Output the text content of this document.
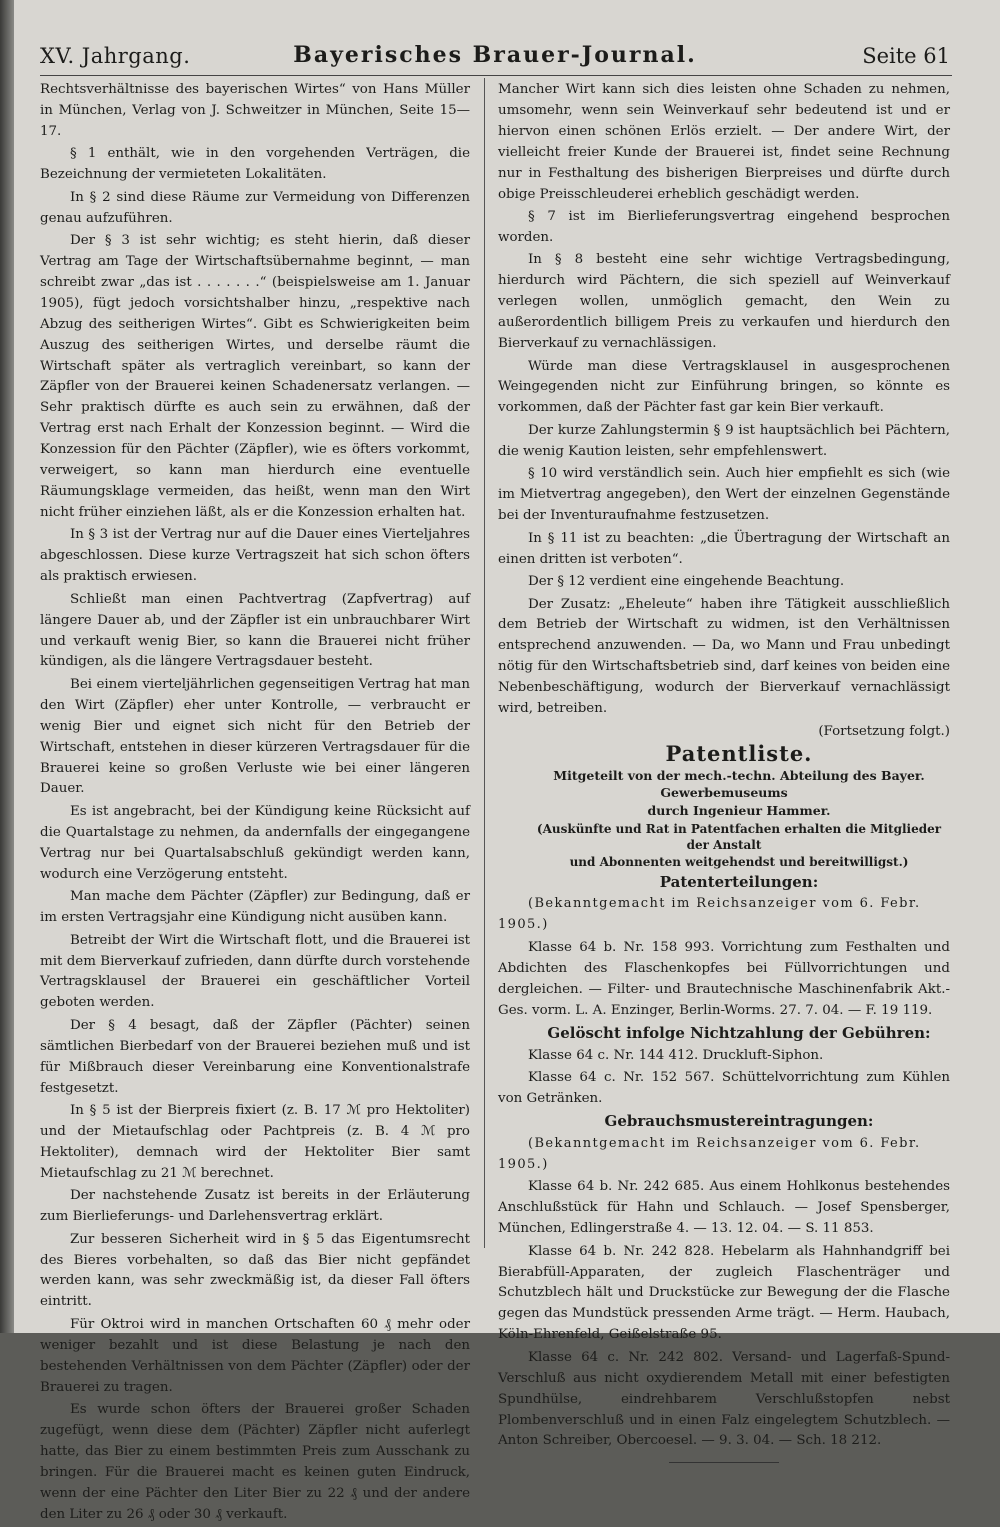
XV. Jahrgang.	Bayerisches Brauer-Journal.	Seite 61

Rechtsverhältnisse des bayerischen Wirtes“ von Hans Müller in München, Verlag von J. Schweitzer in München, Seite 15—17.

§ 1 enthält, wie in den vorgehenden Verträgen, die Bezeichnung der vermieteten Lokalitäten.

In § 2 sind diese Räume zur Vermeidung von Differenzen genau aufzuführen.

Der § 3 ist sehr wichtig; es steht hierin, daß dieser Vertrag am Tage der Wirtschaftsübernahme beginnt, — man schreibt zwar „das ist . . . . . . .“ (beispielsweise am 1. Januar 1905), fügt jedoch vorsichtshalber hinzu, „respektive nach Abzug des seitherigen Wirtes“. Gibt es Schwierigkeiten beim Auszug des seitherigen Wirtes, und derselbe räumt die Wirtschaft später als vertraglich vereinbart, so kann der Zäpfler von der Brauerei keinen Schadenersatz verlangen. — Sehr praktisch dürfte es auch sein zu erwähnen, daß der Vertrag erst nach Erhalt der Konzession beginnt. — Wird die Konzession für den Pächter (Zäpfler), wie es öfters vorkommt, verweigert, so kann man hierdurch eine eventuelle Räumungsklage vermeiden, das heißt, wenn man den Wirt nicht früher einziehen läßt, als er die Konzession erhalten hat.

In § 3 ist der Vertrag nur auf die Dauer eines Vierteljahres abgeschlossen. Diese kurze Vertragszeit hat sich schon öfters als praktisch erwiesen.

Schließt man einen Pachtvertrag (Zapfvertrag) auf längere Dauer ab, und der Zäpfler ist ein unbrauchbarer Wirt und verkauft wenig Bier, so kann die Brauerei nicht früher kündigen, als die längere Vertragsdauer besteht.

Bei einem vierteljährlichen gegenseitigen Vertrag hat man den Wirt (Zäpfler) eher unter Kontrolle, — verbraucht er wenig Bier und eignet sich nicht für den Betrieb der Wirtschaft, entstehen in dieser kürzeren Vertragsdauer für die Brauerei keine so großen Verluste wie bei einer längeren Dauer.

Es ist angebracht, bei der Kündigung keine Rücksicht auf die Quartalstage zu nehmen, da andernfalls der eingegangene Vertrag nur bei Quartalsabschluß gekündigt werden kann, wodurch eine Verzögerung entsteht.

Man mache dem Pächter (Zäpfler) zur Bedingung, daß er im ersten Vertragsjahr eine Kündigung nicht ausüben kann.

Betreibt der Wirt die Wirtschaft flott, und die Brauerei ist mit dem Bierverkauf zufrieden, dann dürfte durch vorstehende Vertragsklausel der Brauerei ein geschäftlicher Vorteil geboten werden.

Der § 4 besagt, daß der Zäpfler (Pächter) seinen sämtlichen Bierbedarf von der Brauerei beziehen muß und ist für Mißbrauch dieser Vereinbarung eine Konventionalstrafe festgesetzt.

In § 5 ist der Bierpreis fixiert (z. B. 17 ℳ pro Hektoliter) und der Mietaufschlag oder Pachtpreis (z. B. 4 ℳ pro Hektoliter), demnach wird der Hektoliter Bier samt Mietaufschlag zu 21 ℳ berechnet.

Der nachstehende Zusatz ist bereits in der Erläuterung zum Bierlieferungs- und Darlehensvertrag erklärt.

Zur besseren Sicherheit wird in § 5 das Eigentumsrecht des Bieres vorbehalten, so daß das Bier nicht gepfändet werden kann, was sehr zweckmäßig ist, da dieser Fall öfters eintritt.

Für Oktroi wird in manchen Ortschaften 60 ₰ mehr oder weniger bezahlt und ist diese Belastung je nach den bestehenden Verhältnissen von dem Pächter (Zäpfler) oder der Brauerei zu tragen.

Es wurde schon öfters der Brauerei großer Schaden zugefügt, wenn diese dem (Pächter) Zäpfler nicht auferlegt hatte, das Bier zu einem bestimmten Preis zum Ausschank zu bringen. Für die Brauerei macht es keinen guten Eindruck, wenn der eine Pächter den Liter Bier zu 22 ₰ und der andere den Liter zu 26 ₰ oder 30 ₰ verkauft.

Mancher Wirt kann sich dies leisten ohne Schaden zu nehmen, umsomehr, wenn sein Weinverkauf sehr bedeutend ist und er hiervon einen schönen Erlös erzielt. — Der andere Wirt, der vielleicht freier Kunde der Brauerei ist, findet seine Rechnung nur in Festhaltung des bisherigen Bierpreises und dürfte durch obige Preisschleuderei erheblich geschädigt werden.

§ 7 ist im Bierlieferungsvertrag eingehend besprochen worden.

In § 8 besteht eine sehr wichtige Vertragsbedingung, hierdurch wird Pächtern, die sich speziell auf Weinverkauf verlegen wollen, unmöglich gemacht, den Wein zu außerordentlich billigem Preis zu verkaufen und hierdurch den Bierverkauf zu vernachlässigen.

Würde man diese Vertragsklausel in ausgesprochenen Weingegenden nicht zur Einführung bringen, so könnte es vorkommen, daß der Pächter fast gar kein Bier verkauft.

Der kurze Zahlungstermin § 9 ist hauptsächlich bei Pächtern, die wenig Kaution leisten, sehr empfehlenswert.

§ 10 wird verständlich sein. Auch hier empfiehlt es sich (wie im Mietvertrag angegeben), den Wert der einzelnen Gegenstände bei der Inventuraufnahme festzusetzen.

In § 11 ist zu beachten: „die Übertragung der Wirtschaft an einen dritten ist verboten“.

Der § 12 verdient eine eingehende Beachtung.

Der Zusatz: „Eheleute“ haben ihre Tätigkeit ausschließlich dem Betrieb der Wirtschaft zu widmen, ist den Verhältnissen entsprechend anzuwenden. — Da, wo Mann und Frau unbedingt nötig für den Wirtschaftsbetrieb sind, darf keines von beiden eine Nebenbeschäftigung, wodurch der Bierverkauf vernachlässigt wird, betreiben.

(Fortsetzung folgt.)

Patentliste.

Mitgeteilt von der mech.-techn. Abteilung des Bayer. Gewerbemuseums

durch Ingenieur Hammer.

(Auskünfte und Rat in Patentfachen erhalten die Mitglieder der Anstalt

und Abonnenten weitgehendst und bereitwilligst.)

Patenterteilungen:

(Bekanntgemacht im Reichsanzeiger vom 6. Febr. 1905.)

Klasse 64 b. Nr. 158 993. Vorrichtung zum Festhalten und Abdichten des Flaschenkopfes bei Füllvorrichtungen und dergleichen. — Filter- und Brautechnische Maschinenfabrik Akt.-Ges. vorm. L. A. Enzinger, Berlin-Worms. 27. 7. 04. — F. 19 119.

Gelöscht infolge Nichtzahlung der Gebühren:

Klasse 64 c. Nr. 144 412. Druckluft-Siphon.

Klasse 64 c. Nr. 152 567. Schüttelvorrichtung zum Kühlen von Getränken.

Gebrauchsmustereintragungen:

(Bekanntgemacht im Reichsanzeiger vom 6. Febr. 1905.)

Klasse 64 b. Nr. 242 685. Aus einem Hohlkonus bestehendes Anschlußstück für Hahn und Schlauch. — Josef Spensberger, München, Edlingerstraße 4. — 13. 12. 04. — S. 11 853.

Klasse 64 b. Nr. 242 828. Hebelarm als Hahnhandgriff bei Bierabfüll-Apparaten, der zugleich Flaschenträger und Schutzblech hält und Druckstücke zur Bewegung der die Flasche gegen das Mundstück pressenden Arme trägt. — Herm. Haubach, Köln-Ehrenfeld, Geißelstraße 95.

Klasse 64 c. Nr. 242 802. Versand- und Lagerfaß-Spund-Verschluß aus nicht oxydierendem Metall mit einer befestigten Spundhülse, eindrehbarem Verschlußstopfen nebst Plombenverschluß und in einen Falz eingelegtem Schutzblech. — Anton Schreiber, Obercoesel. — 9. 3. 04. — Sch. 18 212.
